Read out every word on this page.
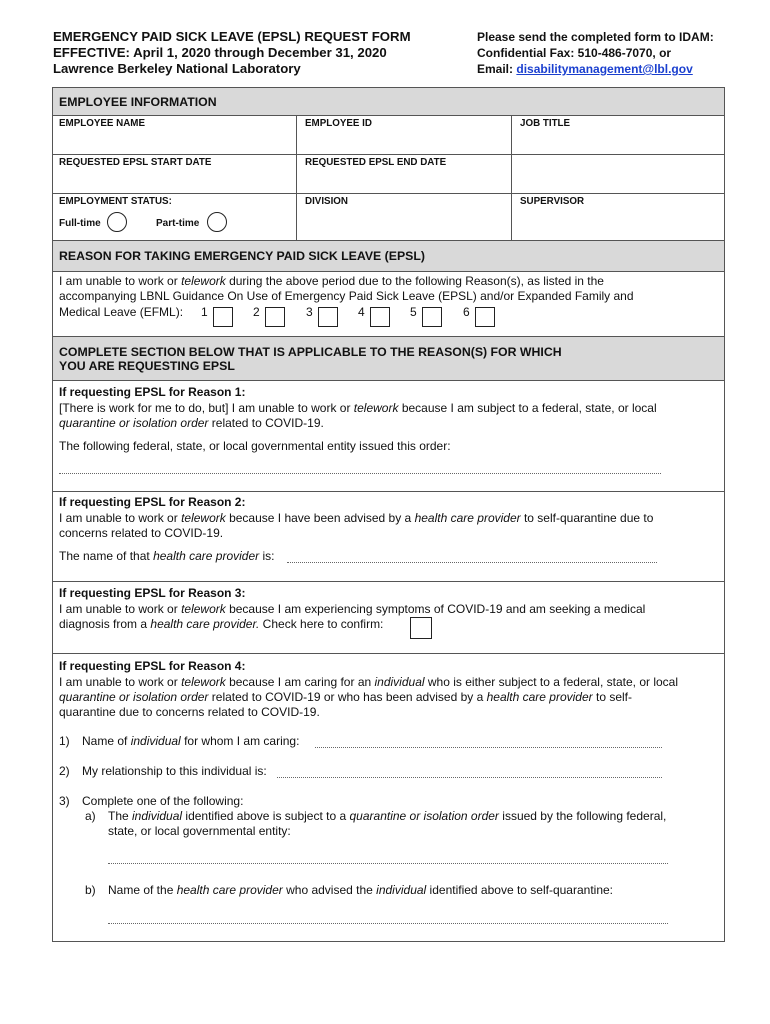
EMERGENCY PAID SICK LEAVE (EPSL) REQUEST FORM
EFFECTIVE: April 1, 2020 through December 31, 2020
Lawrence Berkeley National Laboratory
Please send the completed form to IDAM:
Confidential Fax: 510-486-7070, or
Email: disabilitymanagement@lbl.gov
EMPLOYEE INFORMATION
EMPLOYEE NAME	EMPLOYEE ID	JOB TITLE
REQUESTED EPSL START DATE	REQUESTED EPSL END DATE
EMPLOYMENT STATUS:
Full-time	Part-time
DIVISION	SUPERVISOR
REASON FOR TAKING EMERGENCY PAID SICK LEAVE (EPSL)
I am unable to work or telework during the above period due to the following Reason(s), as listed in the
accompanying LBNL Guidance On Use of Emergency Paid Sick Leave (EPSL) and/or Expanded Family and
Medical Leave (EFML): 1	2	3	4	5	6
COMPLETE SECTION BELOW THAT IS APPLICABLE TO THE REASON(S) FOR WHICH
YOU ARE REQUESTING EPSL
If requesting EPSL for Reason 1:
[There is work for me to do, but] I am unable to work or telework because I am subject to a federal, state, or local
quarantine or isolation order related to COVID-19.
The following federal, state, or local governmental entity issued this order:
If requesting EPSL for Reason 2:
I am unable to work or telework because I have been advised by a health care provider to self-quarantine due to
concerns related to COVID-19.
The name of that health care provider is:
If requesting EPSL for Reason 3:
I am unable to work or telework because I am experiencing symptoms of COVID-19 and am seeking a medical
diagnosis from a health care provider. Check here to confirm:
If requesting EPSL for Reason 4:
I am unable to work or telework because I am caring for an individual who is either subject to a federal, state, or local
quarantine or isolation order related to COVID-19 or who has been advised by a health care provider to self-
quarantine due to concerns related to COVID-19.
1) Name of individual for whom I am caring:
2) My relationship to this individual is:
3) Complete one of the following:
a) The individual identified above is subject to a quarantine or isolation order issued by the following federal,
state, or local governmental entity:
b) Name of the health care provider who advised the individual identified above to self-quarantine:
